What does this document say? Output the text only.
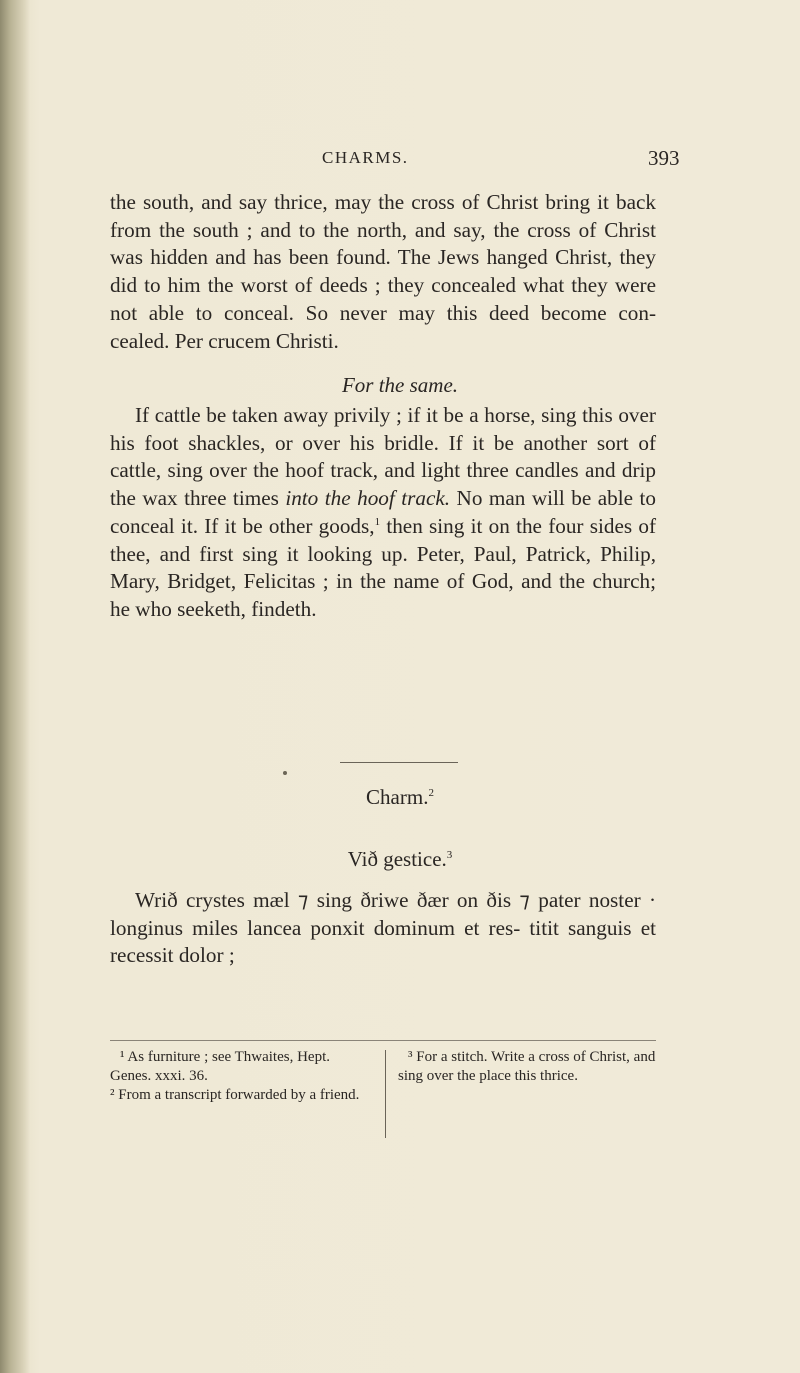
CHARMS.	393

the south, and say thrice, may the cross of Christ bring it back from the south ; and to the north, and say, the cross of Christ was hidden and has been found. The Jews hanged Christ, they did to him the worst of deeds ; they concealed what they were not able to conceal. So never may this deed become con- cealed. Per crucem Christi.

For the same.

If cattle be taken away privily ; if it be a horse, sing this over his foot shackles, or over his bridle. If it be another sort of cattle, sing over the hoof track, and light three candles and drip the wax three times into the hoof track. No man will be able to conceal it. If it be other goods,$^1$ then sing it on the four sides of thee, and first sing it looking up. Peter, Paul, Patrick, Philip, Mary, Bridget, Felicitas ; in the name of God, and the church; he who seeketh, findeth.

Charm.$^2$
Við gestice.$^3$

Wrið crystes mæl ⁊ sing ðriwe ðær on ðis ⁊ pater noster · longinus miles lancea ponxit dominum et res- titit sanguis et recessit dolor ;

¹ As furniture ; see Thwaites, Hept. Genes. xxxi. 36.

² From a transcript forwarded by a friend.

³ For a stitch. Write a cross of Christ, and sing over the place this thrice.
